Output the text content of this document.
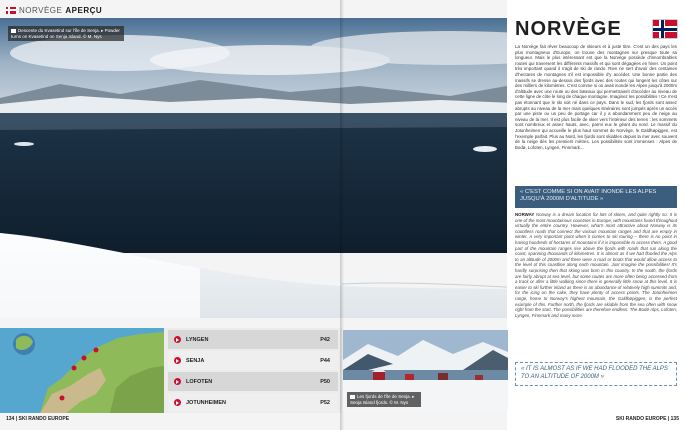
NORVÈGE APERÇU
Descente du Kvasetind sur l'île de Senja. ▸ Powder turns on Kvasetind on Senja Island. © M. Nys
LYNGEN	P42
SENJA	P44
LOFOTEN	P50
JOTUNHEIMEN	P52
134 | SKI RANDO EUROPE
NORVÈGE
La Norvège fait rêver beaucoup de skieurs et à juste titre. C'est un des pays les plus montagneux d'Europe, on trouve des montagnes sur presque toute sa longueur. Mais le plus intéressant est que la Norvège possède d'innombrables routes qui traversent les différents massifs et qui sont dégagées en hiver. Un point très important quand il s'agit de ski de rando. Rien ne sert d'avoir des centaines d'hectares de montagnes s'il est impossible d'y accéder. Une bonne partie des massifs se dresse au-dessus des fjords avec des routes qui longent les côtes sur des milliers de kilomètres. C'est comme si on avait inondé les Alpes jusqu'à 2000m d'altitude avec une route ou des bateaux qui permettraient d'accéder au niveau de cette ligne de côte le long de chaque montagne. Imaginez les possibilités ! Ce n'est pas étonnant que le ski soit né dans ce pays. Dans le sud, les fjords sont assez abrupts au niveau de la mer mais quelques itinéraires sont jumpés après un accès par une piste ou un peu de portage car il y a abondamment peu de neige au niveau de la mer. Il est plus facile de skier vers l'intérieur des terres : les sommets sont nombreux et assez hauts, avec, parmi eux le géant du nord. Le massif du Jotunheimen qui accueille le plus haut sommet de Norvège, le Galdhøpiggen, est l'exemple parfait. Plus au Nord, les fjords sont skiables depuis la mer avec souvent de la neige dès les premiers mètres. Les possibilités sont immenses : Alpes de Bodø, Lofoten, Lyngen, Finnmark...
« C'EST COMME SI ON AVAIT INONDÉ LES ALPES JUSQU'À 2000M D'ALTITUDE »
NORWAY Norway is a dream location for lots of skiers, and quite rightly so. It is one of the most mountainous countries in Europe, with mountains found throughout virtually the entire country. However, what's most attractive about Norway is its countless roads that connect the various mountain ranges and that are empty in winter. A very important point when it comes to ski touring – there is no point in having hundreds of hectares of mountains if it is impossible to access them. A good part of the mountain ranges rise above the fjords with roads that run along the coast, spanning thousands of kilometres. It is almost as if we had flooded the Alps to an altitude of 2000m and there were a road or boats that would allow access to the level of this coastline along each mountain. Just imagine the possibilities! It's hardly surprising then that skiing was born in this country. In the south, the fjords are fairly abrupt at sea level, but some routes are more often being accessed from a track or after a little walking since there is generally little snow at this level. It is easier to ski further inland as there is an abundance of relatively high summits and, for the icing on the cake, they have plenty of access points. The Jotunheimen range, home to Norway's highest mountain, the Galdhøpiggen, is the perfect example of this. Further north, the fjords are skiable from the sea often with snow right from the start. The possibilities are therefore endless: The Bodø Alps, Lofoten, Lyngen, Finnmark and many more.
« IT IS ALMOST AS IF WE HAD FLOODED THE ALPS TO AN ALTITUDE OF 2000M »
Les fjords de l'île de Senja. ▸ Senja Island fjords. © M. Nys
SKI RANDO EUROPE | 135
